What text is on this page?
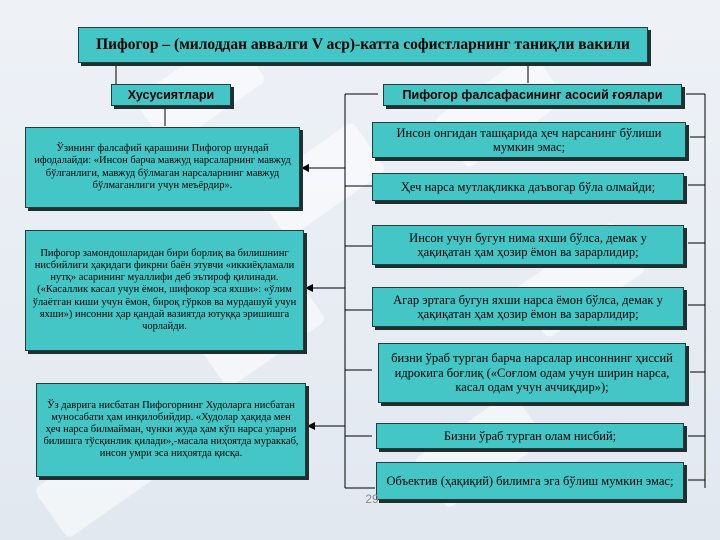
Пифогор – (милоддан аввалги V аср)-катта софистларнинг таниқли вакили
Хусусиятлари	Пифогор фалсафасининг асосий ғоялари
Ўзининг фалсафий қарашини Пифогор шундай ифодалайди: «Инсон барча мавжуд нарсаларнинг мавжуд бўлганлиги, мавжуд бўлмаган нарсаларнинг мавжуд бўлмаганлиги учун меъёрдир».
Пифогор замондошларидан бири борлиқ ва билишнинг нисбийлиги ҳақидаги фикрни баён этувчи «иккиёқламали нутқ» асарининг муаллифи деб эътироф қилинади. («Касаллик касал учун ёмон, шифокор эса яхши»: «ўлим ўлаётган киши учун ёмон, бироқ гўрков ва мурдашуй учун яхши») инсонни ҳар қандай вазиятда ютуққа эришишга чорлайди.
Ўз даврига нисбатан Пифогорнинг Худоларга нисбатан муносабати ҳам инқилобийдир. «Худолар ҳақида мен ҳеч нарса билмайман, чунки жуда ҳам кўп нарса уларни билишга тўсқинлик қилади»,-масала ниҳоятда мураккаб, инсон умри эса ниҳоятда қисқа.
Инсон онгидан ташқарида ҳеч нарсанинг бўлиши мумкин эмас;
Ҳеч нарса мутлақликка даъвогар бўла олмайди;
Инсон учун бугун нима яхши бўлса, демак у ҳақиқатан ҳам ҳозир ёмон ва зарарлидир;
Агар эртага бугун яхши нарса ёмон бўлса, демак у ҳақиқатан ҳам ҳозир ёмон ва зарарлидир;
бизни ўраб турган барча нарсалар инсоннинг ҳиссий идрокига боғлиқ («Соғлом одам учун ширин нарса, касал одам учун аччиқдир»);
Бизни ўраб турган олам нисбий;
Объектив (ҳақиқий) билимга эга бўлиш мумкин эмас;
29
